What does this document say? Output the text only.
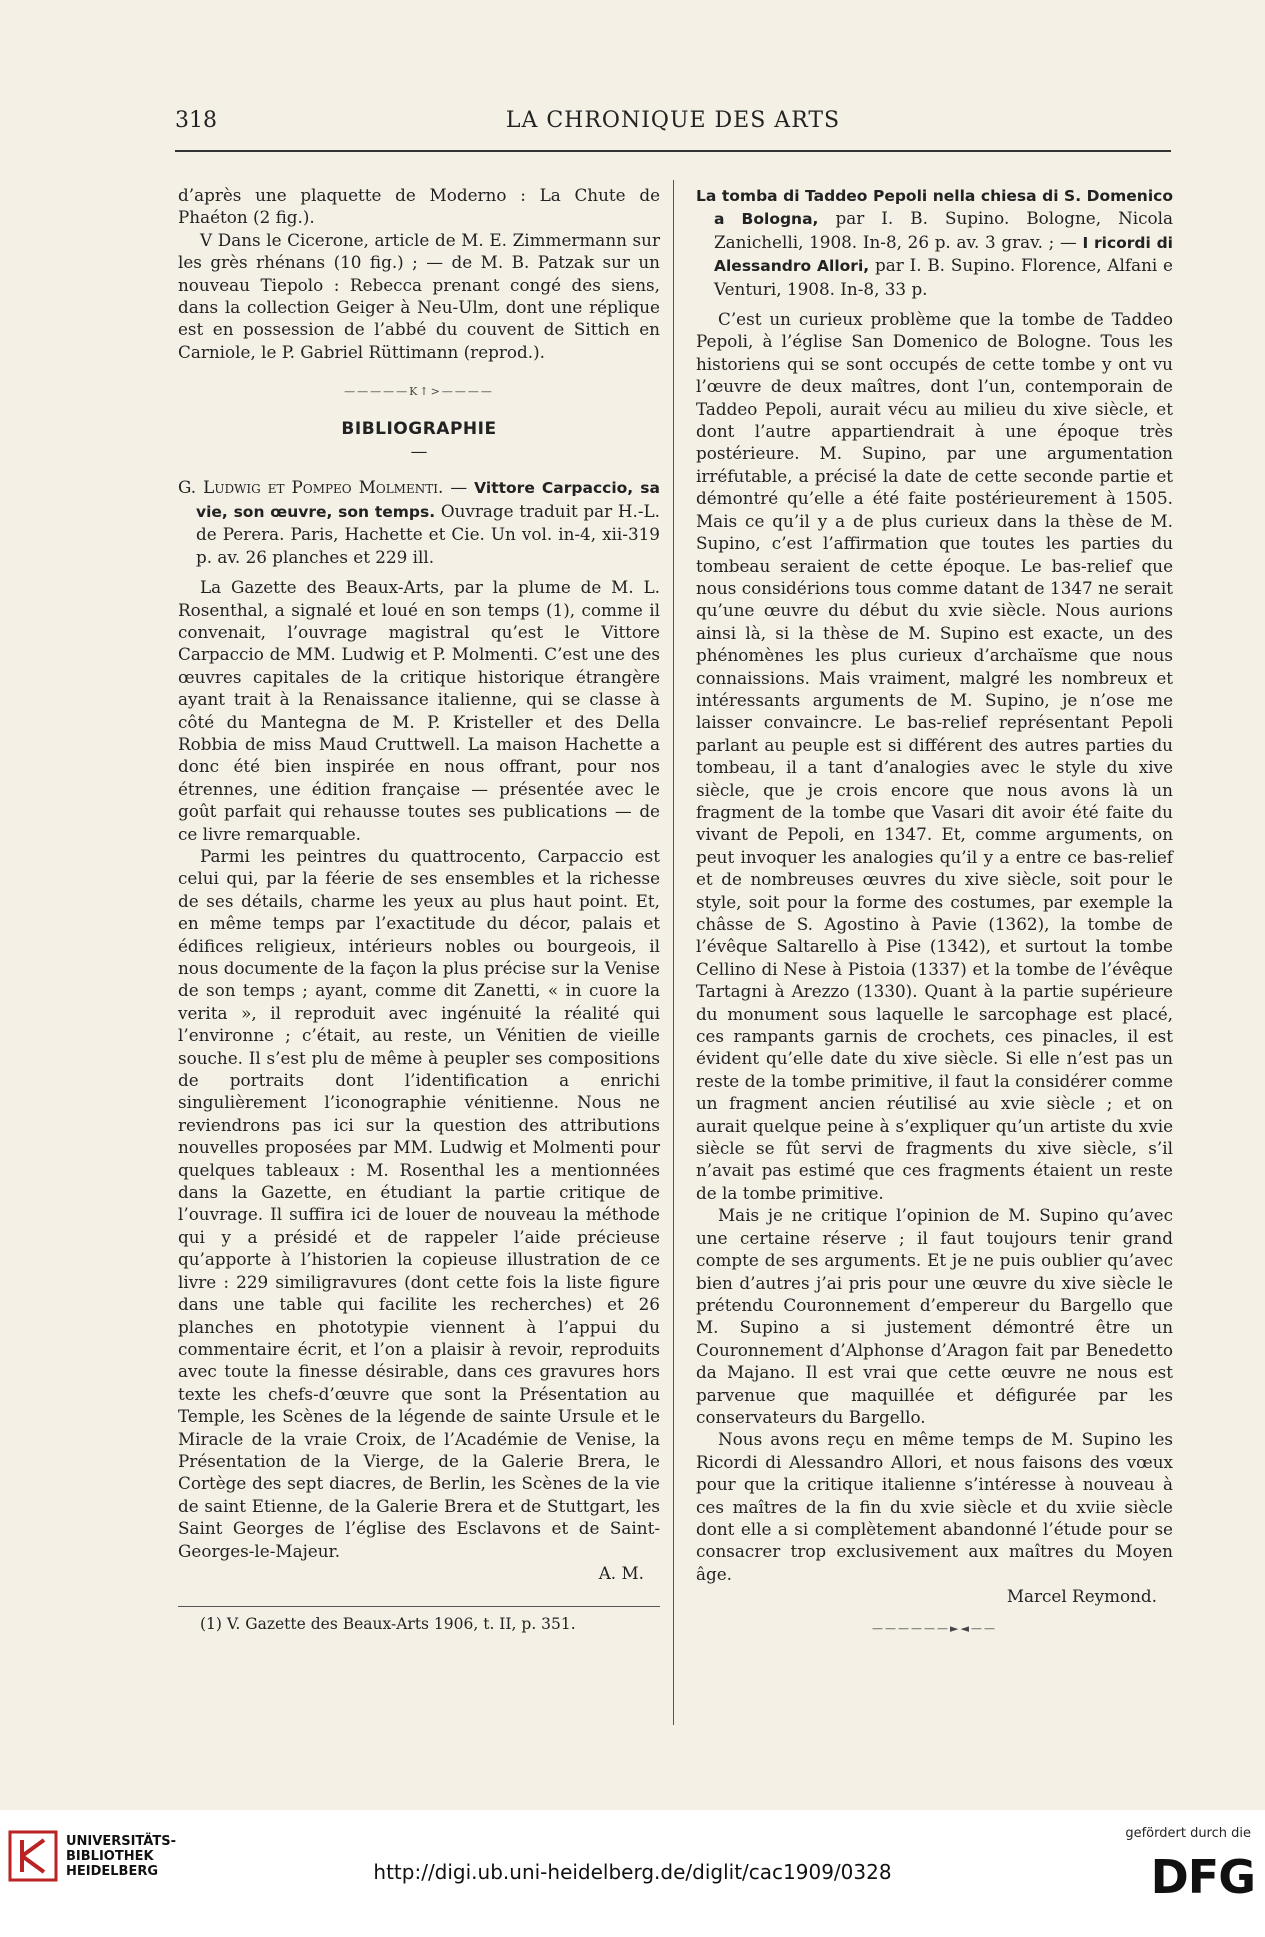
318	LA CHRONIQUE DES ARTS

d’après une plaquette de Moderno : La Chute de Phaéton (2 fig.).

V Dans le Cicerone, article de M. E. Zimmermann sur les grès rhénans (10 fig.) ; — de M. B. Patzak sur un nouveau Tiepolo : Rebecca prenant congé des siens, dans la collection Geiger à Neu-Ulm, dont une réplique est en possession de l’abbé du couvent de Sittich en Carniole, le P. Gabriel Rüttimann (reprod.).

—————K↑>————
BIBLIOGRAPHIE
—

G. Ludwig et Pompeo Molmenti. — Vittore Carpaccio, sa vie, son œuvre, son temps. Ouvrage traduit par H.-L. de Perera. Paris, Hachette et Cie. Un vol. in-4, xii-319 p. av. 26 planches et 229 ill.

La Gazette des Beaux-Arts, par la plume de M. L. Rosenthal, a signalé et loué en son temps (1), comme il convenait, l’ouvrage magistral qu’est le Vittore Carpaccio de MM. Ludwig et P. Molmenti. C’est une des œuvres capitales de la critique historique étrangère ayant trait à la Renaissance italienne, qui se classe à côté du Mantegna de M. P. Kristeller et des Della Robbia de miss Maud Cruttwell. La maison Hachette a donc été bien inspirée en nous offrant, pour nos étrennes, une édition française — présentée avec le goût parfait qui rehausse toutes ses publications — de ce livre remarquable.

Parmi les peintres du quattrocento, Carpaccio est celui qui, par la féerie de ses ensembles et la richesse de ses détails, charme les yeux au plus haut point. Et, en même temps par l’exactitude du décor, palais et édifices religieux, intérieurs nobles ou bourgeois, il nous documente de la façon la plus précise sur la Venise de son temps ; ayant, comme dit Zanetti, « in cuore la verita », il reproduit avec ingénuité la réalité qui l’environne ; c’était, au reste, un Vénitien de vieille souche. Il s’est plu de même à peupler ses compositions de portraits dont l’identification a enrichi singulièrement l’iconographie vénitienne. Nous ne reviendrons pas ici sur la question des attributions nouvelles proposées par MM. Ludwig et Molmenti pour quelques tableaux : M. Rosenthal les a mentionnées dans la Gazette, en étudiant la partie critique de l’ouvrage. Il suffira ici de louer de nouveau la méthode qui y a présidé et de rappeler l’aide précieuse qu’apporte à l’historien la copieuse illustration de ce livre : 229 similigravures (dont cette fois la liste figure dans une table qui facilite les recherches) et 26 planches en phototypie viennent à l’appui du commentaire écrit, et l’on a plaisir à revoir, reproduits avec toute la finesse désirable, dans ces gravures hors texte les chefs-d’œuvre que sont la Présentation au Temple, les Scènes de la légende de sainte Ursule et le Miracle de la vraie Croix, de l’Académie de Venise, la Présentation de la Vierge, de la Galerie Brera, le Cortège des sept diacres, de Berlin, les Scènes de la vie de saint Etienne, de la Galerie Brera et de Stuttgart, les Saint Georges de l’église des Esclavons et de Saint-Georges-le-Majeur.

A. M.

(1) V. Gazette des Beaux-Arts 1906, t. II, p. 351.

La tomba di Taddeo Pepoli nella chiesa di S. Domenico a Bologna, par I. B. Supino. Bologne, Nicola Zanichelli, 1908. In-8, 26 p. av. 3 grav. ; — I ricordi di Alessandro Allori, par I. B. Supino. Florence, Alfani e Venturi, 1908. In-8, 33 p.

C’est un curieux problème que la tombe de Taddeo Pepoli, à l’église San Domenico de Bologne. Tous les historiens qui se sont occupés de cette tombe y ont vu l’œuvre de deux maîtres, dont l’un, contemporain de Taddeo Pepoli, aurait vécu au milieu du xive siècle, et dont l’autre appartiendrait à une époque très postérieure. M. Supino, par une argumentation irréfutable, a précisé la date de cette seconde partie et démontré qu’elle a été faite postérieurement à 1505. Mais ce qu’il y a de plus curieux dans la thèse de M. Supino, c’est l’affirmation que toutes les parties du tombeau seraient de cette époque. Le bas-relief que nous considérions tous comme datant de 1347 ne serait qu’une œuvre du début du xvie siècle. Nous aurions ainsi là, si la thèse de M. Supino est exacte, un des phénomènes les plus curieux d’archaïsme que nous connaissions. Mais vraiment, malgré les nombreux et intéressants arguments de M. Supino, je n’ose me laisser convaincre. Le bas-relief représentant Pepoli parlant au peuple est si différent des autres parties du tombeau, il a tant d’analogies avec le style du xive siècle, que je crois encore que nous avons là un fragment de la tombe que Vasari dit avoir été faite du vivant de Pepoli, en 1347. Et, comme arguments, on peut invoquer les analogies qu’il y a entre ce bas-relief et de nombreuses œuvres du xive siècle, soit pour le style, soit pour la forme des costumes, par exemple la châsse de S. Agostino à Pavie (1362), la tombe de l’évêque Saltarello à Pise (1342), et surtout la tombe Cellino di Nese à Pistoia (1337) et la tombe de l’évêque Tartagni à Arezzo (1330). Quant à la partie supérieure du monument sous laquelle le sarcophage est placé, ces rampants garnis de crochets, ces pinacles, il est évident qu’elle date du xive siècle. Si elle n’est pas un reste de la tombe primitive, il faut la considérer comme un fragment ancien réutilisé au xvie siècle ; et on aurait quelque peine à s’expliquer qu’un artiste du xvie siècle se fût servi de fragments du xive siècle, s’il n’avait pas estimé que ces fragments étaient un reste de la tombe primitive.

Mais je ne critique l’opinion de M. Supino qu’avec une certaine réserve ; il faut toujours tenir grand compte de ses arguments. Et je ne puis oublier qu’avec bien d’autres j’ai pris pour une œuvre du xive siècle le prétendu Couronnement d’empereur du Bargello que M. Supino a si justement démontré être un Couronnement d’Alphonse d’Aragon fait par Benedetto da Majano. Il est vrai que cette œuvre ne nous est parvenue que maquillée et défigurée par les conservateurs du Bargello.

Nous avons reçu en même temps de M. Supino les Ricordi di Alessandro Allori, et nous faisons des vœux pour que la critique italienne s’intéresse à nouveau à ces maîtres de la fin du xvie siècle et du xviie siècle dont elle a si complètement abandonné l’étude pour se consacrer trop exclusivement aux maîtres du Moyen âge.

Marcel Reymond.

——————►◄——
UNIVERSITÄTS-
BIBLIOTHEK
HEIDELBERG	http://digi.ub.uni-heidelberg.de/diglit/cac1909/0328
gefördert durch die
DFG
